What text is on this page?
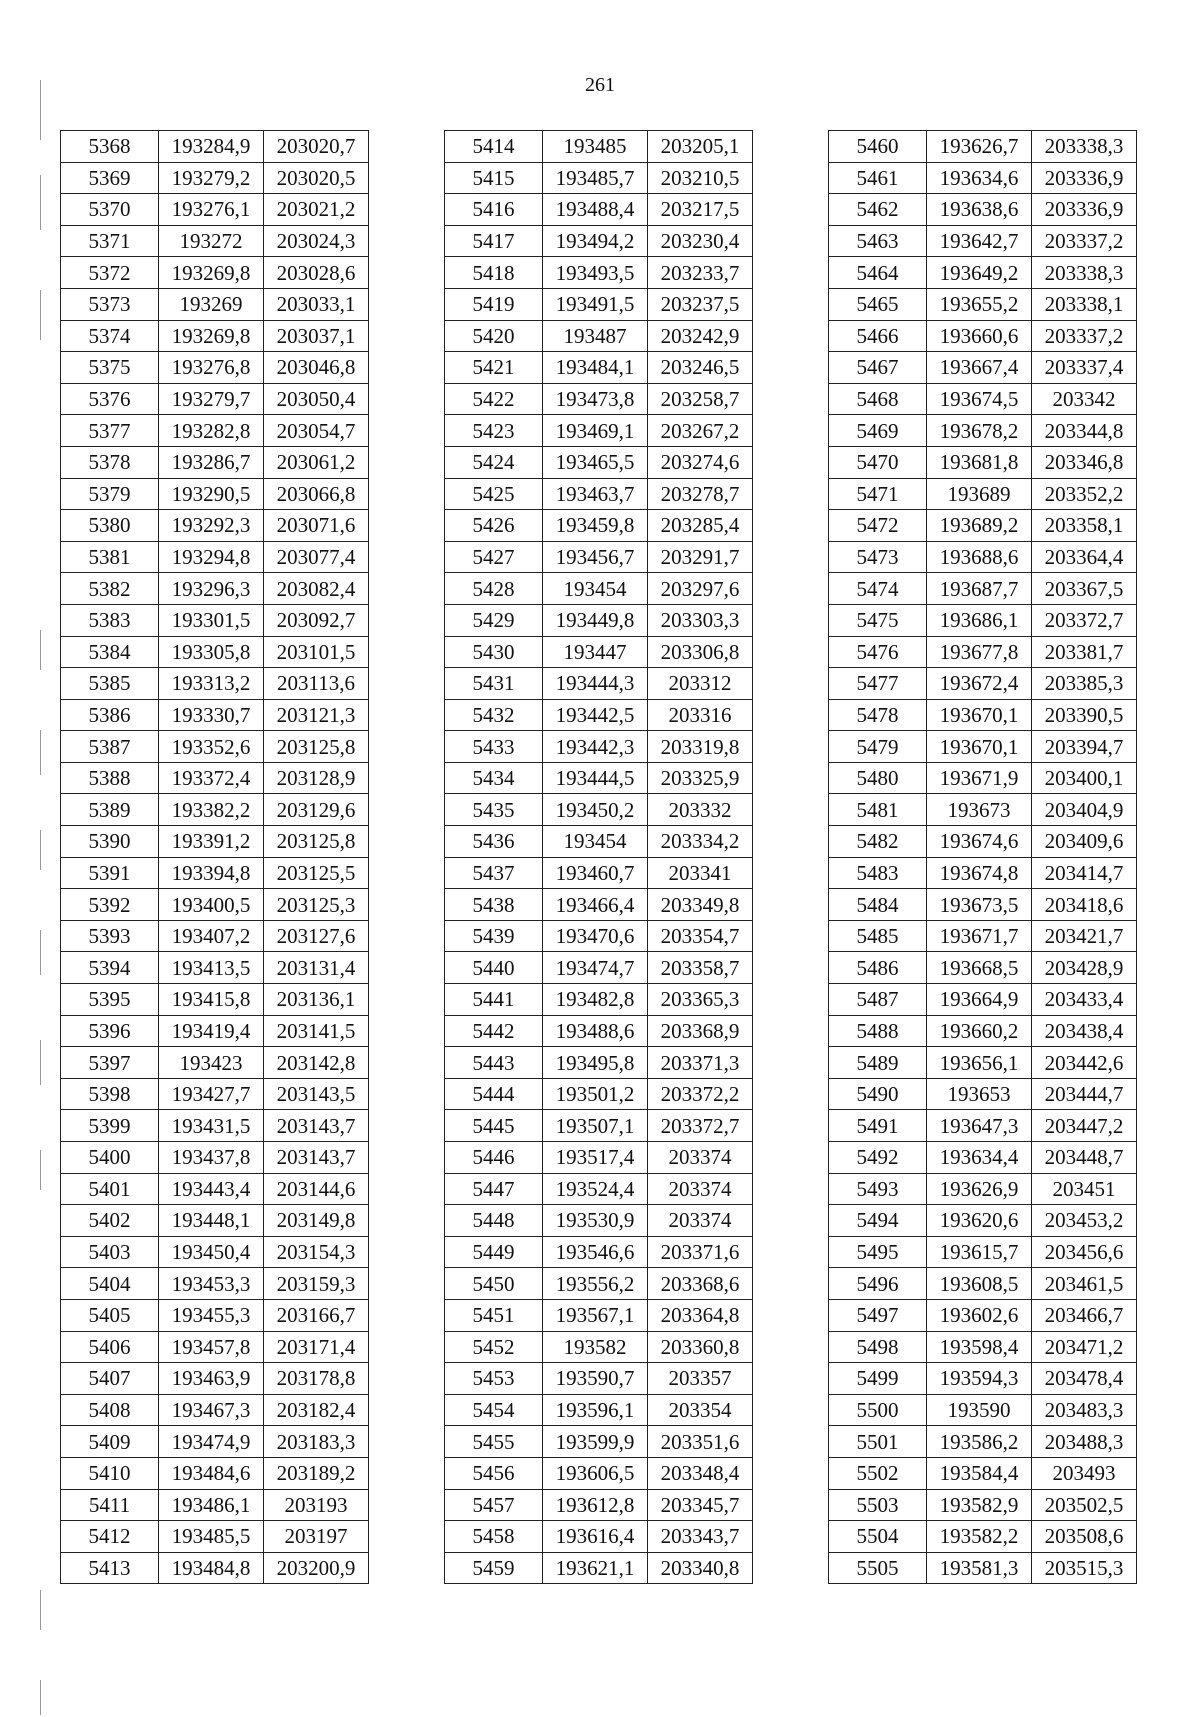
261
5368	193284,9	203020,7
5369	193279,2	203020,5
5370	193276,1	203021,2
5371	193272	203024,3
5372	193269,8	203028,6
5373	193269	203033,1
5374	193269,8	203037,1
5375	193276,8	203046,8
5376	193279,7	203050,4
5377	193282,8	203054,7
5378	193286,7	203061,2
5379	193290,5	203066,8
5380	193292,3	203071,6
5381	193294,8	203077,4
5382	193296,3	203082,4
5383	193301,5	203092,7
5384	193305,8	203101,5
5385	193313,2	203113,6
5386	193330,7	203121,3
5387	193352,6	203125,8
5388	193372,4	203128,9
5389	193382,2	203129,6
5390	193391,2	203125,8
5391	193394,8	203125,5
5392	193400,5	203125,3
5393	193407,2	203127,6
5394	193413,5	203131,4
5395	193415,8	203136,1
5396	193419,4	203141,5
5397	193423	203142,8
5398	193427,7	203143,5
5399	193431,5	203143,7
5400	193437,8	203143,7
5401	193443,4	203144,6
5402	193448,1	203149,8
5403	193450,4	203154,3
5404	193453,3	203159,3
5405	193455,3	203166,7
5406	193457,8	203171,4
5407	193463,9	203178,8
5408	193467,3	203182,4
5409	193474,9	203183,3
5410	193484,6	203189,2
5411	193486,1	203193
5412	193485,5	203197
5413	193484,8	203200,9
5414	193485	203205,1
5415	193485,7	203210,5
5416	193488,4	203217,5
5417	193494,2	203230,4
5418	193493,5	203233,7
5419	193491,5	203237,5
5420	193487	203242,9
5421	193484,1	203246,5
5422	193473,8	203258,7
5423	193469,1	203267,2
5424	193465,5	203274,6
5425	193463,7	203278,7
5426	193459,8	203285,4
5427	193456,7	203291,7
5428	193454	203297,6
5429	193449,8	203303,3
5430	193447	203306,8
5431	193444,3	203312
5432	193442,5	203316
5433	193442,3	203319,8
5434	193444,5	203325,9
5435	193450,2	203332
5436	193454	203334,2
5437	193460,7	203341
5438	193466,4	203349,8
5439	193470,6	203354,7
5440	193474,7	203358,7
5441	193482,8	203365,3
5442	193488,6	203368,9
5443	193495,8	203371,3
5444	193501,2	203372,2
5445	193507,1	203372,7
5446	193517,4	203374
5447	193524,4	203374
5448	193530,9	203374
5449	193546,6	203371,6
5450	193556,2	203368,6
5451	193567,1	203364,8
5452	193582	203360,8
5453	193590,7	203357
5454	193596,1	203354
5455	193599,9	203351,6
5456	193606,5	203348,4
5457	193612,8	203345,7
5458	193616,4	203343,7
5459	193621,1	203340,8
5460	193626,7	203338,3
5461	193634,6	203336,9
5462	193638,6	203336,9
5463	193642,7	203337,2
5464	193649,2	203338,3
5465	193655,2	203338,1
5466	193660,6	203337,2
5467	193667,4	203337,4
5468	193674,5	203342
5469	193678,2	203344,8
5470	193681,8	203346,8
5471	193689	203352,2
5472	193689,2	203358,1
5473	193688,6	203364,4
5474	193687,7	203367,5
5475	193686,1	203372,7
5476	193677,8	203381,7
5477	193672,4	203385,3
5478	193670,1	203390,5
5479	193670,1	203394,7
5480	193671,9	203400,1
5481	193673	203404,9
5482	193674,6	203409,6
5483	193674,8	203414,7
5484	193673,5	203418,6
5485	193671,7	203421,7
5486	193668,5	203428,9
5487	193664,9	203433,4
5488	193660,2	203438,4
5489	193656,1	203442,6
5490	193653	203444,7
5491	193647,3	203447,2
5492	193634,4	203448,7
5493	193626,9	203451
5494	193620,6	203453,2
5495	193615,7	203456,6
5496	193608,5	203461,5
5497	193602,6	203466,7
5498	193598,4	203471,2
5499	193594,3	203478,4
5500	193590	203483,3
5501	193586,2	203488,3
5502	193584,4	203493
5503	193582,9	203502,5
5504	193582,2	203508,6
5505	193581,3	203515,3
